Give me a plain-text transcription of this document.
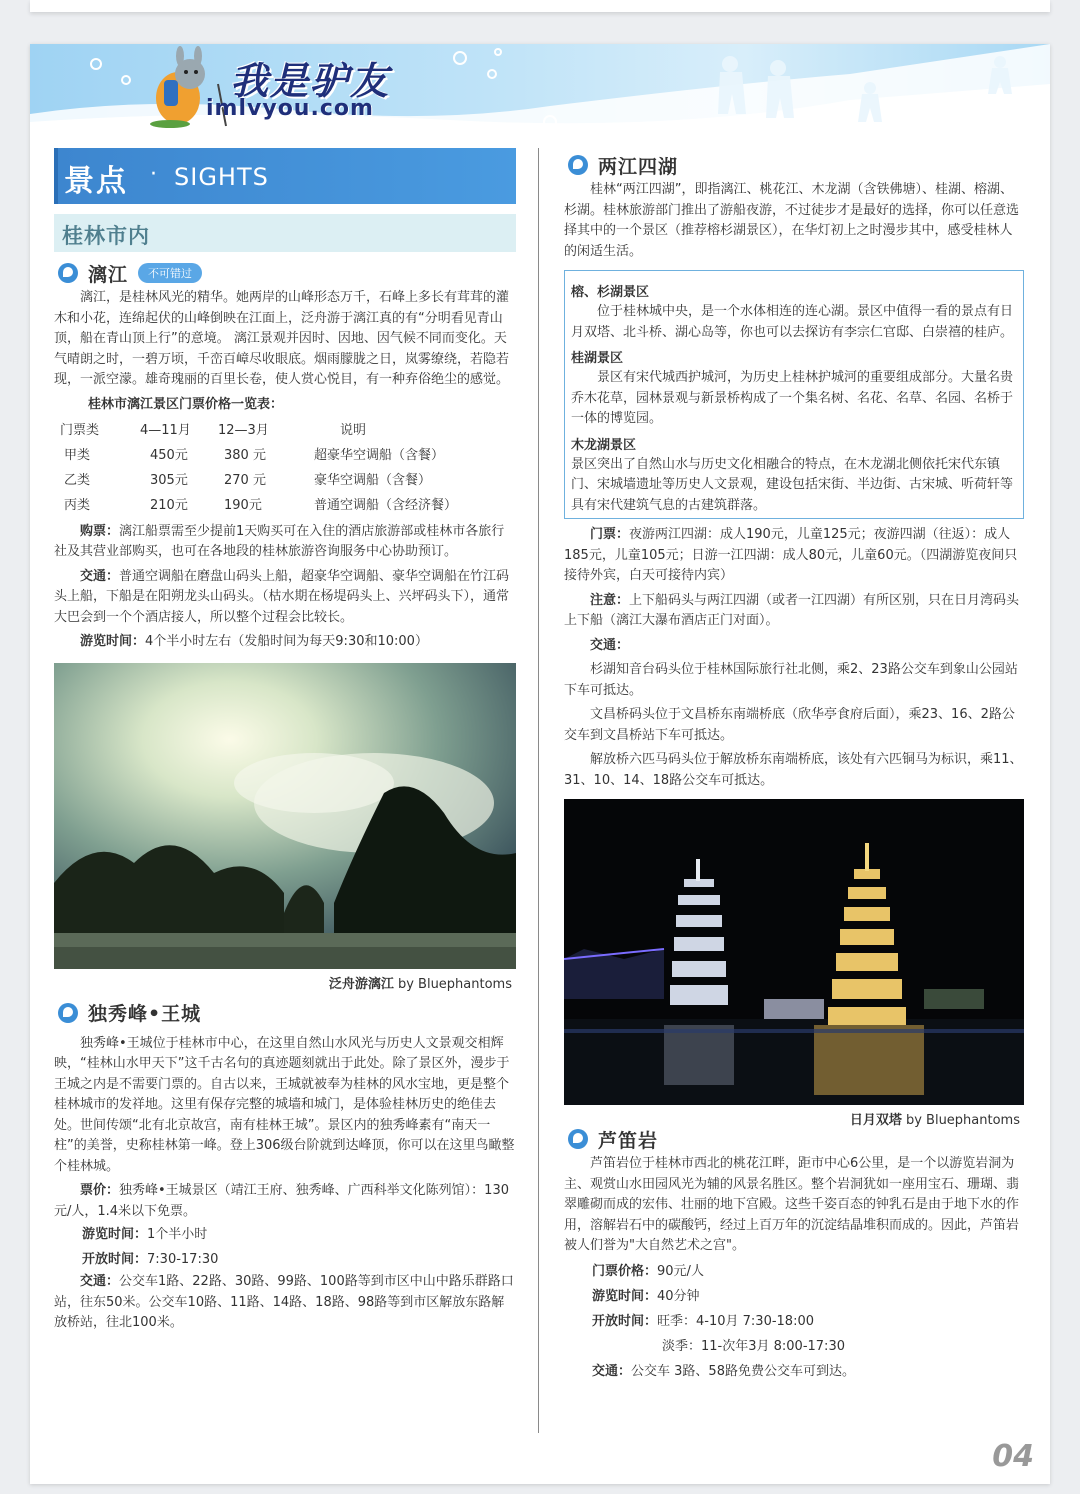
我是驴友
imlvyou.com
景点 · SIGHTS
桂林市内
漓江	不可错过

漓江，是桂林风光的精华。她两岸的山峰形态万千，石峰上多长有茸茸的灌木和小花，连绵起伏的山峰倒映在江面上，泛舟游于漓江真的有“分明看见青山顶，船在青山顶上行”的意境。 漓江景观并因时、因地、因气候不同而变化。天气晴朗之时，一碧万顷，千峦百嶂尽收眼底。烟雨朦胧之日，岚雾缭绕，若隐若现，一派空濛。雄奇瑰丽的百里长卷，使人赏心悦目，有一种弃俗绝尘的感觉。

桂林市漓江景区门票价格一览表：
门票类	4—11月	12—3月	说明
甲类	450元	380 元	超豪华空调船（含餐）
乙类	305元	270 元	豪华空调船（含餐）
丙类	210元	190元	普通空调船（含经济餐）

购票：漓江船票需至少提前1天购买可在入住的酒店旅游部或桂林市各旅行社及其营业部购买，也可在各地段的桂林旅游咨询服务中心协助预订。

交通：普通空调船在磨盘山码头上船，超豪华空调船、豪华空调船在竹江码头上船，下船是在阳朔龙头山码头。（枯水期在杨堤码头上、兴坪码头下），通常大巴会到一个个酒店接人，所以整个过程会比较长。

游览时间：4个半小时左右（发船时间为每天9:30和10:00）

泛舟游漓江 by Bluephantoms
独秀峰•王城

独秀峰•王城位于桂林市中心，在这里自然山水风光与历史人文景观交相辉映，“桂林山水甲天下”这千古名句的真迹题刻就出于此处。除了景区外，漫步于王城之内是不需要门票的。自古以来，王城就被奉为桂林的风水宝地，更是整个桂林城市的发祥地。这里有保存完整的城墙和城门，是体验桂林历史的绝佳去处。世间传颂“北有北京故宫，南有桂林王城”。景区内的独秀峰素有“南天一柱”的美誉，史称桂林第一峰。登上306级台阶就到达峰顶，你可以在这里鸟瞰整个桂林城。

票价：独秀峰•王城景区（靖江王府、独秀峰、广西科举文化陈列馆）：130元/人，1.4米以下免票。

游览时间：1个半小时
开放时间：7:30-17:30

交通：公交车1路、22路、30路、99路、100路等到市区中山中路乐群路口站，往东50米。公交车10路、11路、14路、18路、98路等到市区解放东路解放桥站，往北100米。

两江四湖

桂林“两江四湖”，即指漓江、桃花江、木龙湖（含铁佛塘）、桂湖、榕湖、杉湖。桂林旅游部门推出了游船夜游，不过徒步才是最好的选择，你可以任意选择其中的一个景区（推荐榕杉湖景区），在华灯初上之时漫步其中，感受桂林人的闲适生活。

榕、杉湖景区

位于桂林城中央，是一个水体相连的连心湖。景区中值得一看的景点有日月双塔、北斗桥、湖心岛等，你也可以去探访有李宗仁官邸、白崇禧的桂庐。

桂湖景区

景区有宋代城西护城河，为历史上桂林护城河的重要组成部分。大量名贵乔木花草，园林景观与新景桥构成了一个集名树、名花、名草、名园、名桥于一体的博览园。

木龙湖景区

景区突出了自然山水与历史文化相融合的特点，在木龙湖北侧依托宋代东镇门、宋城墙遗址等历史人文景观，建设包括宋街、半边街、古宋城、听荷轩等具有宋代建筑气息的古建筑群落。

门票：夜游两江四湖：成人190元，儿童125元；夜游四湖（往返）：成人185元，儿童105元；日游一江四湖：成人80元，儿童60元。（四湖游览夜间只接待外宾，白天可接待内宾）

注意：上下船码头与两江四湖（或者一江四湖）有所区别，只在日月湾码头上下船（漓江大瀑布酒店正门对面）。

交通：

杉湖知音台码头位于桂林国际旅行社北侧，乘2、23路公交车到象山公园站下车可抵达。

文昌桥码头位于文昌桥东南端桥底（欣华亭食府后面），乘23、16、2路公交车到文昌桥站下车可抵达。

解放桥六匹马码头位于解放桥东南端桥底，该处有六匹铜马为标识，乘11、31、10、14、18路公交车可抵达。

日月双塔 by Bluephantoms
芦笛岩

芦笛岩位于桂林市西北的桃花江畔，距市中心6公里，是一个以游览岩洞为主、观赏山水田园风光为辅的风景名胜区。整个岩洞犹如一座用宝石、珊瑚、翡翠雕砌而成的宏伟、壮丽的地下宫殿。这些千姿百态的钟乳石是由于地下水的作用，溶解岩石中的碳酸钙，经过上百万年的沉淀结晶堆积而成的。因此，芦笛岩被人们誉为"大自然艺术之宫"。

门票价格：90元/人
游览时间：40分钟
开放时间：旺季：4-10月 7:30-18:00
淡季：11-次年3月 8:00-17:30
交通：公交车 3路、58路免费公交车可到达。
04
